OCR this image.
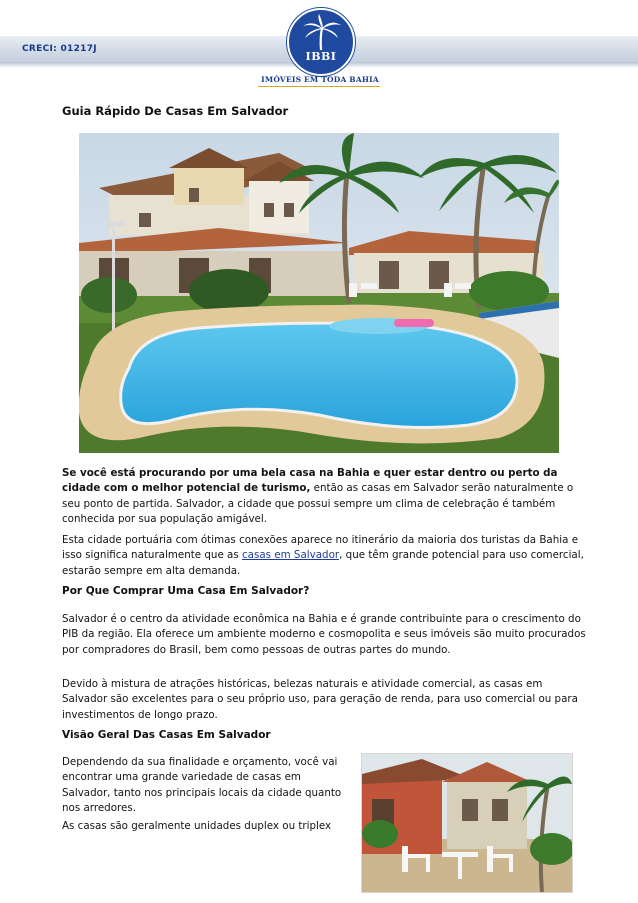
CRECI: 01217J
IBBI
IMÓVEIS EM TODA BAHIA
Guia Rápido De Casas Em Salvador

Se você está procurando por uma bela casa na Bahia e quer estar dentro ou perto da cidade com o melhor potencial de turismo, então as casas em Salvador serão naturalmente o seu ponto de partida. Salvador, a cidade que possui sempre um clima de celebração é também conhecida por sua população amigável.

Esta cidade portuária com ótimas conexões aparece no itinerário da maioria dos turistas da Bahia e isso significa naturalmente que as casas em Salvador, que têm grande potencial para uso comercial, estarão sempre em alta demanda.

Por Que Comprar Uma Casa Em Salvador?

Salvador é o centro da atividade econômica na Bahia e é grande contribuinte para o crescimento do PIB da região. Ela oferece um ambiente moderno e cosmopolita e seus imóveis são muito procurados por compradores do Brasil, bem como pessoas de outras partes do mundo.

Devido à mistura de atrações históricas, belezas naturais e atividade comercial, as casas em Salvador são excelentes para o seu próprio uso, para geração de renda, para uso comercial ou para investimentos de longo prazo.

Visão Geral Das Casas Em Salvador

Dependendo da sua finalidade e orçamento, você vai encontrar uma grande variedade de casas em Salvador, tanto nos principais locais da cidade quanto nos arredores.

As casas são geralmente unidades duplex ou triplex
